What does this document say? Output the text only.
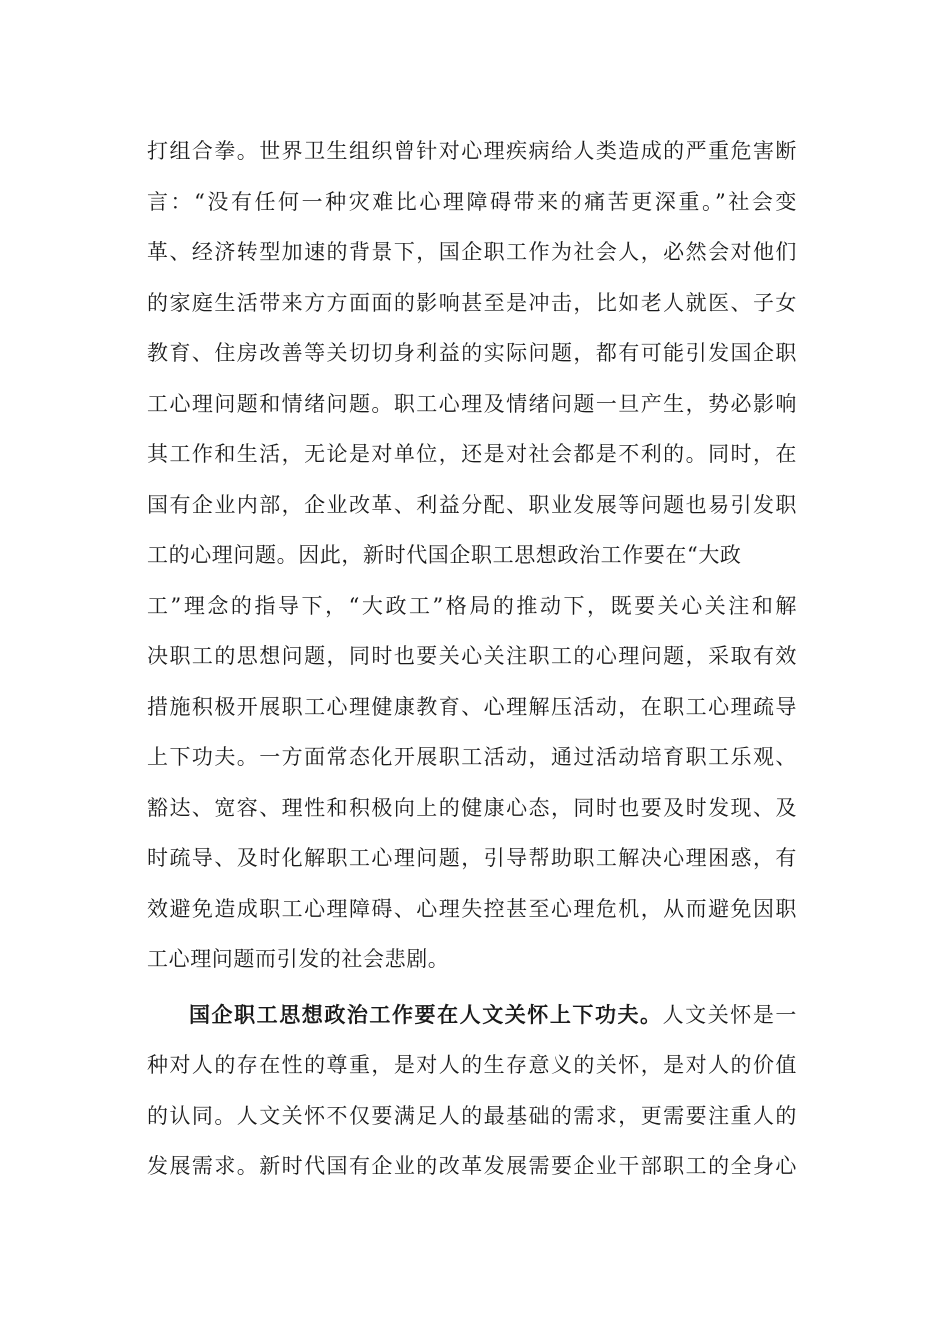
打组合拳。世界卫生组织曾针对心理疾病给人类造成的严重危害断
言：“没有任何一种灾难比心理障碍带来的痛苦更深重。”社会变
革、经济转型加速的背景下，国企职工作为社会人，必然会对他们
的家庭生活带来方方面面的影响甚至是冲击，比如老人就医、子女
教育、住房改善等关切切身利益的实际问题，都有可能引发国企职
工心理问题和情绪问题。职工心理及情绪问题一旦产生，势必影响
其工作和生活，无论是对单位，还是对社会都是不利的。同时，在
国有企业内部，企业改革、利益分配、职业发展等问题也易引发职
工的心理问题。因此，新时代国企职工思想政治工作要在“大政
工”理念的指导下，“大政工”格局的推动下，既要关心关注和解
决职工的思想问题，同时也要关心关注职工的心理问题，采取有效
措施积极开展职工心理健康教育、心理解压活动，在职工心理疏导
上下功夫。一方面常态化开展职工活动，通过活动培育职工乐观、
豁达、宽容、理性和积极向上的健康心态，同时也要及时发现、及
时疏导、及时化解职工心理问题，引导帮助职工解决心理困惑，有
效避免造成职工心理障碍、心理失控甚至心理危机，从而避免因职
工心理问题而引发的社会悲剧。
国企职工思想政治工作要在人文关怀上下功夫。人文关怀是一
种对人的存在性的尊重，是对人的生存意义的关怀，是对人的价值
的认同。人文关怀不仅要满足人的最基础的需求，更需要注重人的
发展需求。新时代国有企业的改革发展需要企业干部职工的全身心
